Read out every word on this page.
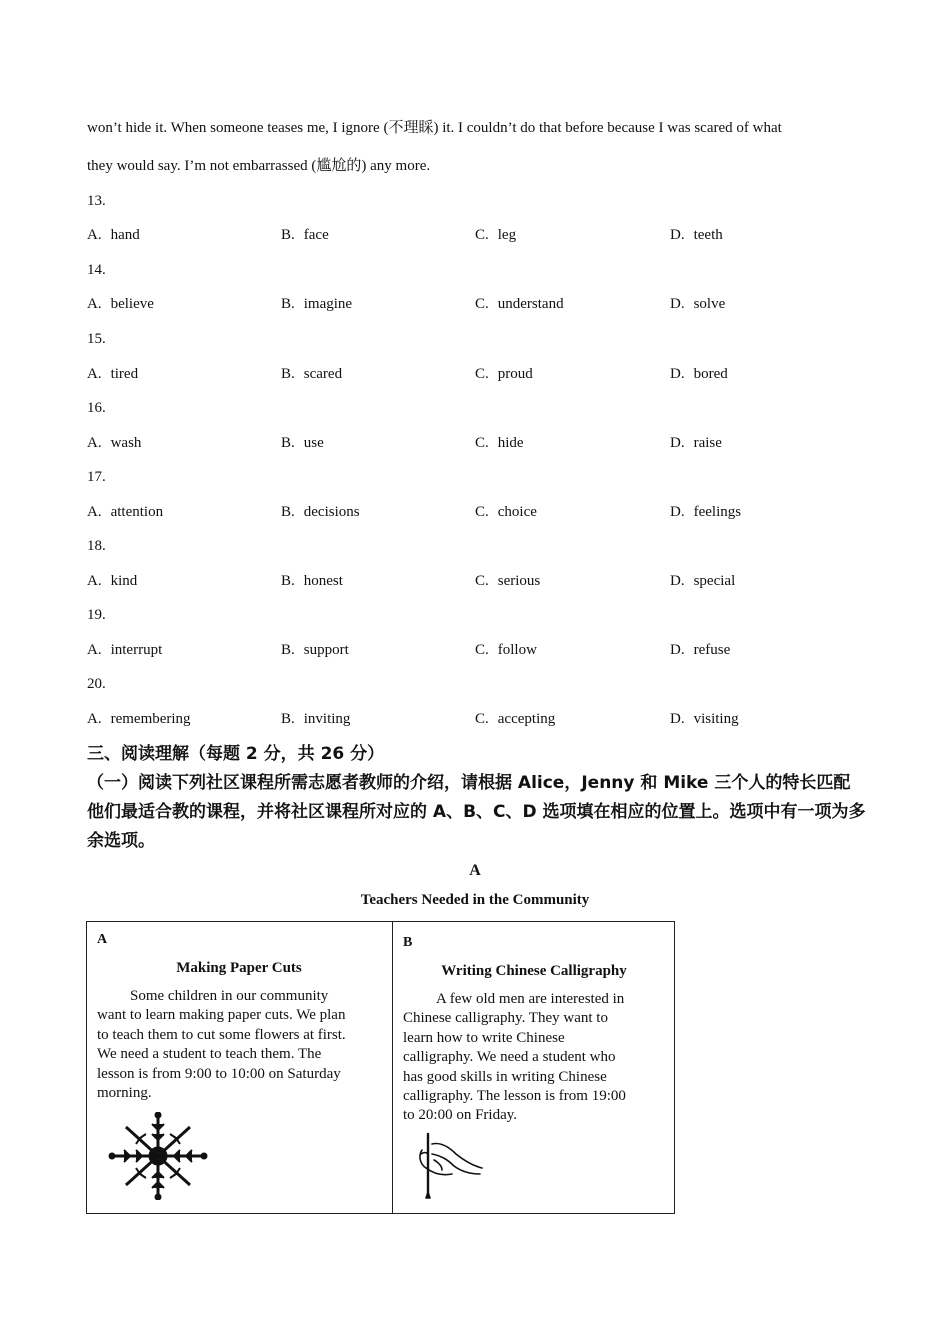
won’t hide it. When someone teases me, I ignore (不理睬) it. I couldn’t do that before because I was scared of what
they would say. I’m not embarrassed (尴尬的) any more.
13.
A. hand	B. face	C. leg	D. teeth
14.
A. believe	B. imagine	C. understand	D. solve
15.
A. tired	B. scared	C. proud	D. bored
16.
A. wash	B. use	C. hide	D. raise
17.
A. attention	B. decisions	C. choice	D. feelings
18.
A. kind	B. honest	C. serious	D. special
19.
A. interrupt	B. support	C. follow	D. refuse
20.
A. remembering	B. inviting	C. accepting	D. visiting
三、阅读理解（每题 2 分，共 26 分）
（一）阅读下列社区课程所需志愿者教师的介绍，请根据 Alice，Jenny 和 Mike 三个人的特长匹配他们最适合教的课程，并将社区课程所对应的 A、B、C、D 选项填在相应的位置上。选项中有一项为多余选项。
A
Teachers Needed in the Community
A
Making Paper Cuts
Some children in our community
want to learn making paper cuts. We plan
to teach them to cut some flowers at first.
We need a student to teach them. The
lesson is from 9:00 to 10:00 on Saturday
morning.
B
Writing Chinese Calligraphy
A few old men are interested in
Chinese calligraphy. They want to
learn how to write Chinese
calligraphy. We need a student who
has good skills in writing Chinese
calligraphy. The lesson is from 19:00
to 20:00 on Friday.
